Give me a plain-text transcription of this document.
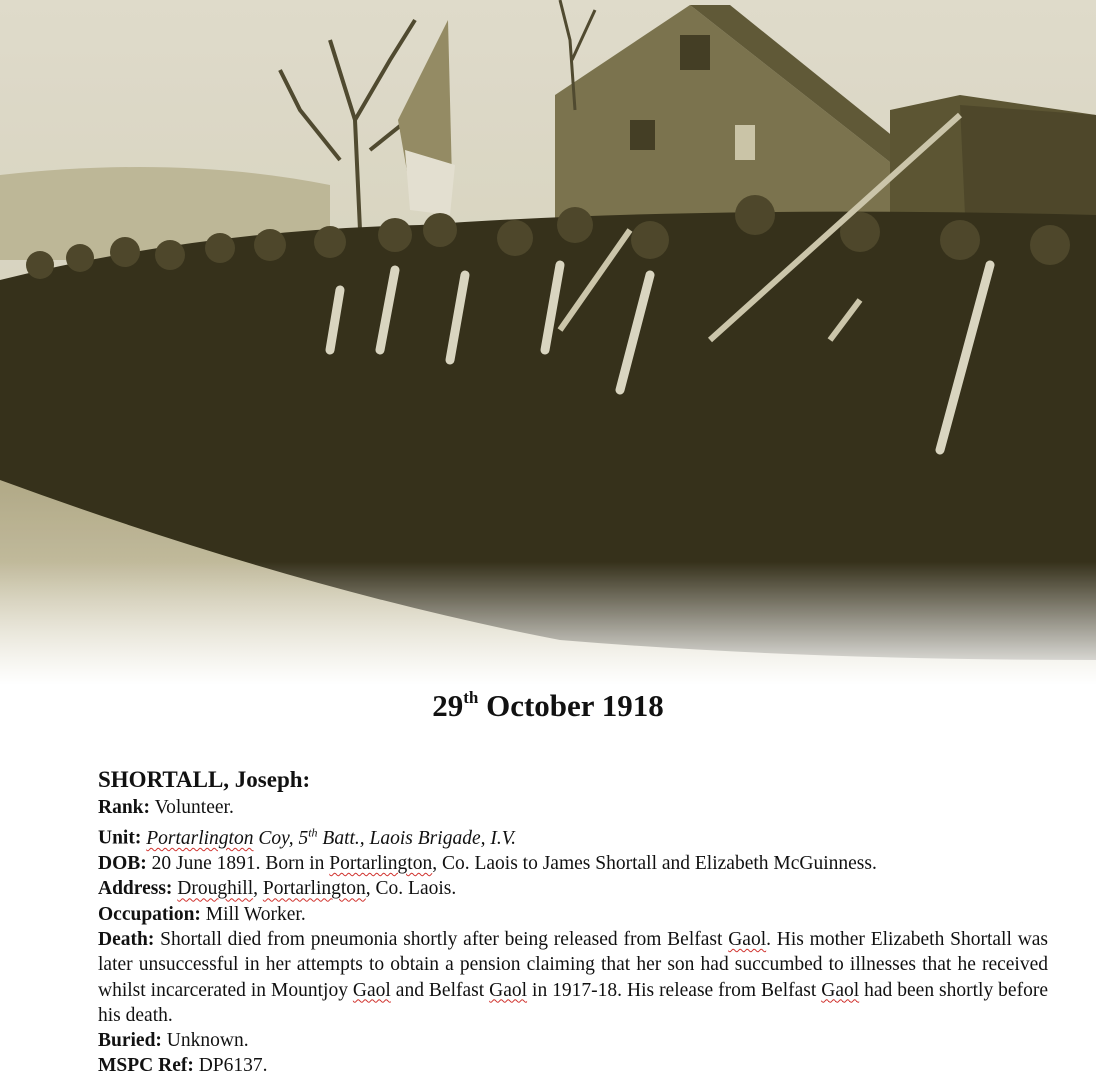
29th October 1918
SHORTALL, Joseph:
Rank: Volunteer.
Unit: Portarlington Coy, 5th Batt., Laois Brigade, I.V.
DOB: 20 June 1891. Born in Portarlington, Co. Laois to James Shortall and Elizabeth McGuinness.
Address: Droughill, Portarlington, Co. Laois.
Occupation: Mill Worker.
Death: Shortall died from pneumonia shortly after being released from Belfast Gaol. His mother Elizabeth Shortall was later unsuccessful in her attempts to obtain a pension claiming that her son had succumbed to illnesses that he received whilst incarcerated in Mountjoy Gaol and Belfast Gaol in 1917-18. His release from Belfast Gaol had been shortly before his death.
Buried: Unknown.
MSPC Ref: DP6137.
